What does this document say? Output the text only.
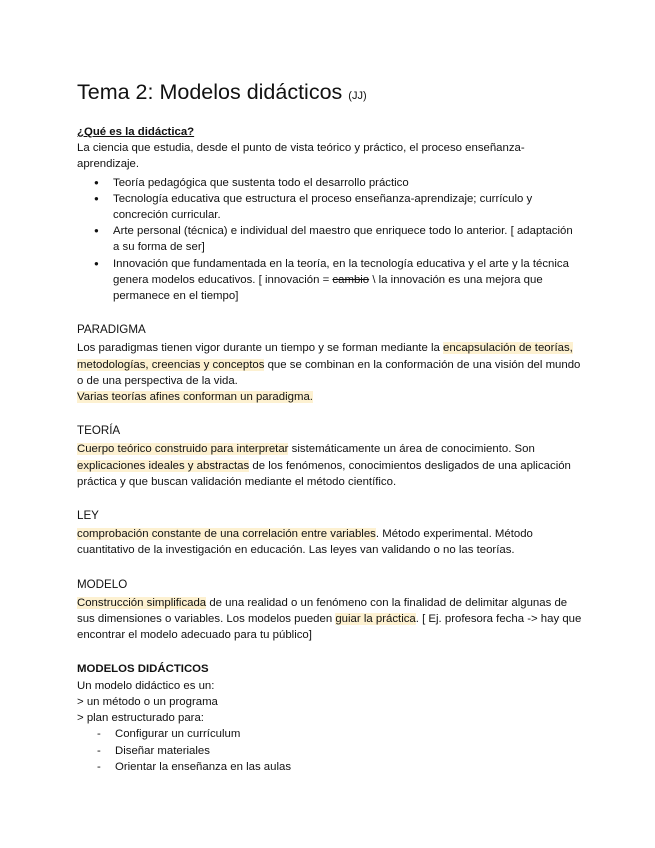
Tema 2: Modelos didácticos (JJ)
¿Qué es la didáctica?

La ciencia que estudia, desde el punto de vista teórico y práctico, el proceso enseñanza-aprendizaje.

● Teoría pedagógica que sustenta todo el desarrollo práctico
● Tecnología educativa que estructura el proceso enseñanza-aprendizaje; currículo y concreción curricular.
● Arte personal (técnica) e individual del maestro que enriquece todo lo anterior. [ adaptación a su forma de ser]
● Innovación que fundamentada en la teoría, en la tecnología educativa y el arte y la técnica genera modelos educativos. [ innovación = cambio \ la innovación es una mejora que permanece en el tiempo]
PARADIGMA

Los paradigmas tienen vigor durante un tiempo y se forman mediante la encapsulación de teorías, metodologías, creencias y conceptos que se combinan en la conformación de una visión del mundo o de una perspectiva de la vida.

Varias teorías afines conforman un paradigma.

TEORÍA

Cuerpo teórico construido para interpretar sistemáticamente un área de conocimiento. Son explicaciones ideales y abstractas de los fenómenos, conocimientos desligados de una aplicación práctica y que buscan validación mediante el método científico.

LEY

comprobación constante de una correlación entre variables. Método experimental. Método cuantitativo de la investigación en educación. Las leyes van validando o no las teorías.

MODELO

Construcción simplificada de una realidad o un fenómeno con la finalidad de delimitar algunas de sus dimensiones o variables. Los modelos pueden guiar la práctica. [ Ej. profesora fecha -> hay que encontrar el modelo adecuado para tu público]

MODELOS DIDÁCTICOS

Un modelo didáctico es un:

> un método o un programa

> plan estructurado para:

- Configurar un currículum
- Diseñar materiales
- Orientar la enseñanza en las aulas
